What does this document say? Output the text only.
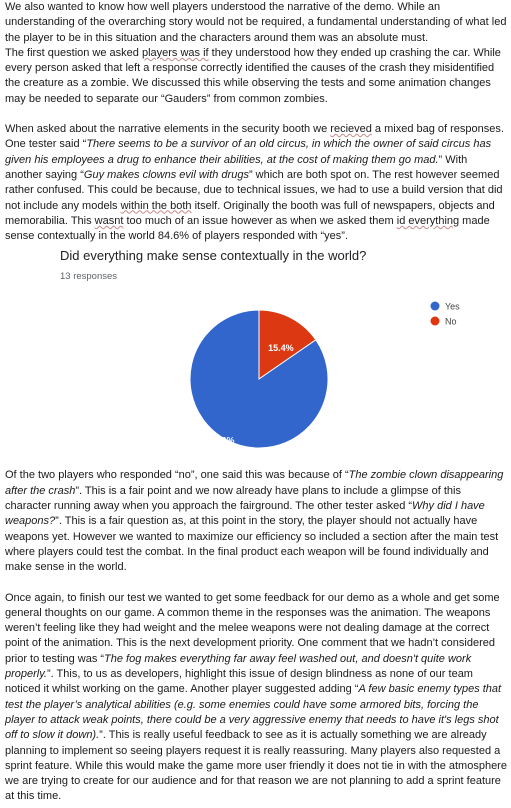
We also wanted to know how well players understood the narrative of the demo. While an understanding of the overarching story would not be required, a fundamental understanding of what led the player to be in this situation and the characters around them was an absolute must.

The first question we asked players was if they understood how they ended up crashing the car. While every person asked that left a response correctly identified the causes of the crash they misidentified the creature as a zombie. We discussed this while observing the tests and some animation changes may be needed to separate our “Gauders” from common zombies.

When asked about the narrative elements in the security booth we recieved a mixed bag of responses. One tester said “There seems to be a survivor of an old circus, in which the owner of said circus has given his employees a drug to enhance their abilities, at the cost of making them go mad.” With another saying “Guy makes clowns evil with drugs” which are both spot on. The rest however seemed rather confused. This could be because, due to technical issues, we had to use a build version that did not include any models within the both itself. Originally the booth was full of newspapers, objects and memorabilia. This wasnt too much of an issue however as when we asked them id everything made sense contextually in the world 84.6% of players responded with “yes”.

Did everything make sense contextually in the world?
13 responses
84.6%
15.4%
Yes
No

Of the two players who responded “no”, one said this was because of “The zombie clown disappearing after the crash”. This is a fair point and we now already have plans to include a glimpse of this character running away when you approach the fairground. The other tester asked “Why did I have weapons?”. This is a fair question as, at this point in the story, the player should not actually have weapons yet. However we wanted to maximize our efficiency so included a section after the main test where players could test the combat. In the final product each weapon will be found individually and make sense in the world.

Once again, to finish our test we wanted to get some feedback for our demo as a whole and get some general thoughts on our game. A common theme in the responses was the animation. The weapons weren’t feeling like they had weight and the melee weapons were not dealing damage at the correct point of the animation. This is the next development priority. One comment that we hadn’t considered prior to testing was “The fog makes everything far away feel washed out, and doesn't quite work properly.”. This, to us as developers, highlight this issue of design blindness as none of our team noticed it whilst working on the game. Another player suggested adding “A few basic enemy types that test the player’s analytical abilities (e.g. some enemies could have some armored bits, forcing the player to attack weak points, there could be a very aggressive enemy that needs to have it's legs shot off to slow it down).”. This is really useful feedback to see as it is actually something we are already planning to implement so seeing players request it is really reassuring. Many players also requested a sprint feature. While this would make the game more user friendly it does not tie in with the atmosphere we are trying to create for our audience and for that reason we are not planning to add a sprint feature at this time.
